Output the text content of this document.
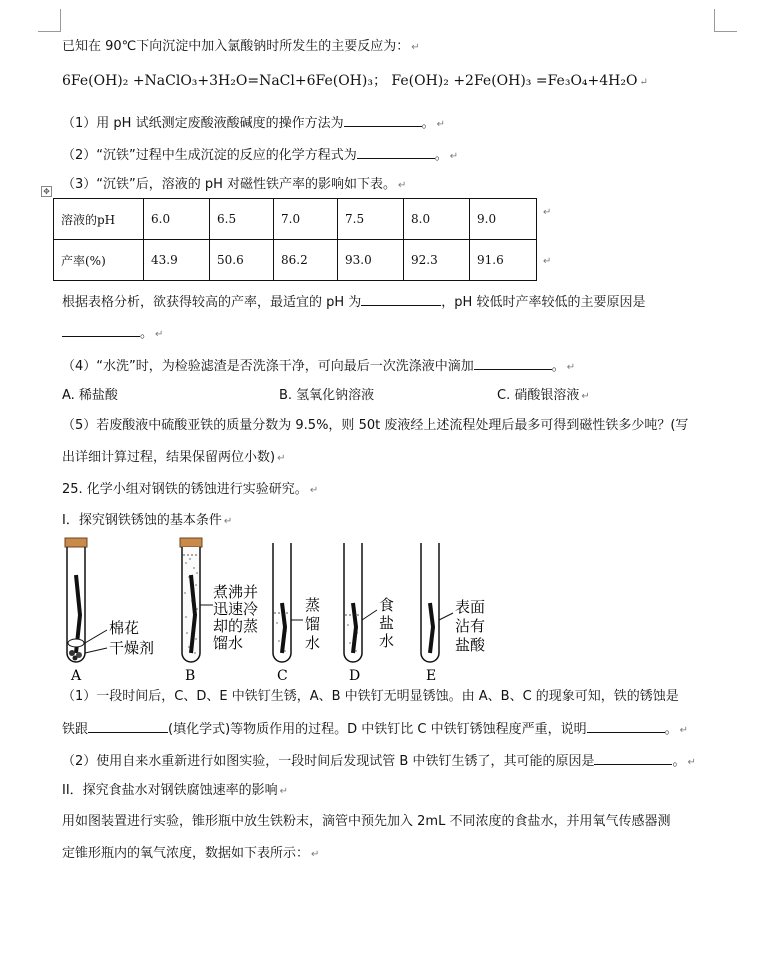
已知在 90℃下向沉淀中加入氯酸钠时所发生的主要反应为： ↵
6Fe(OH)₂ +NaClO₃+3H₂O=NaCl+6Fe(OH)₃； Fe(OH)₂ +2Fe(OH)₃ =Fe₃O₄+4H₂O ↵
（1）用 pH 试纸测定废酸液酸碱度的操作方法为	。 ↵
（2）“沉铁”过程中生成沉淀的反应的化学方程式为	。 ↵
（3）“沉铁”后，溶液的 pH 对磁性铁产率的影响如下表。 ↵
✥
溶液的pH	6.0	6.5	7.0	7.5	8.0	9.0
产率(%)	43.9	50.6	86.2	93.0	92.3	91.6
↵
↵
根据表格分析，欲获得较高的产率，最适宜的 pH 为	，pH 较低时产率较低的主要原因是
。 ↵
（4）“水洗”时，为检验滤渣是否洗涤干净，可向最后一次洗涤液中滴加	。 ↵
A. 稀盐酸	B. 氢氧化钠溶液	C. 硝酸银溶液 ↵
（5）若废酸液中硫酸亚铁的质量分数为 9.5%，则 50t 废液经上述流程处理后最多可得到磁性铁多少吨？(写
出详细计算过程，结果保留两位小数) ↵
25. 化学小组对钢铁的锈蚀进行实验研究。 ↵
I．探究钢铁锈蚀的基本条件 ↵
棉花
干燥剂
A
煮沸并
迅速冷
却的蒸
馏水
B
蒸
馏
水
C
食
盐
水
D
表面
沾有
盐酸
E
（1）一段时间后，C、D、E 中铁钉生锈，A、B 中铁钉无明显锈蚀。由 A、B、C 的现象可知，铁的锈蚀是
铁跟	(填化学式)等物质作用的过程。D 中铁钉比 C 中铁钉锈蚀程度严重，说明	。 ↵
（2）使用自来水重新进行如图实验，一段时间后发现试管 B 中铁钉生锈了，其可能的原因是	。 ↵
II．探究食盐水对钢铁腐蚀速率的影响 ↵
用如图装置进行实验，锥形瓶中放生铁粉末，滴管中预先加入 2mL 不同浓度的食盐水，并用氧气传感器测
定锥形瓶内的氧气浓度，数据如下表所示： ↵
